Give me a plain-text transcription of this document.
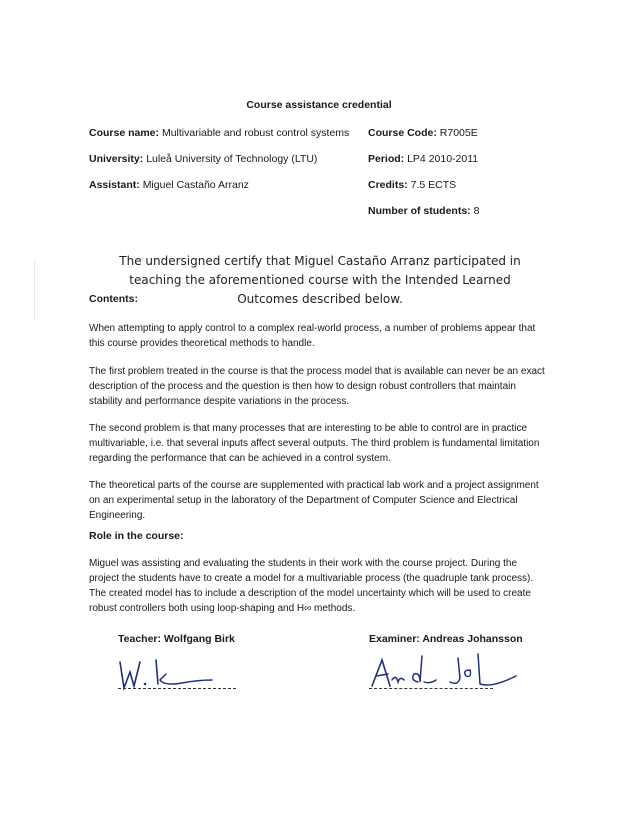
Course assistance credential
Course name: Multivariable and robust control systems Course Code: R7005E
University: Luleå University of Technology (LTU)	Period: LP4 2010-2011
Assistant: Miguel Castaño Arranz	Credits: 7.5 ECTS
Number of students: 8
The undersigned certify that Miguel Castaño Arranz participated in teaching the aforementioned course with the Intended Learned Outcomes described below.
Contents:

When attempting to apply control to a complex real-world process, a number of problems appear that this course provides theoretical methods to handle.

The first problem treated in the course is that the process model that is available can never be an exact description of the process and the question is then how to design robust controllers that maintain stability and performance despite variations in the process.

The second problem is that many processes that are interesting to be able to control are in practice multivariable, i.e. that several inputs affect several outputs. The third problem is fundamental limitation regarding the performance that can be achieved in a control system.

The theoretical parts of the course are supplemented with practical lab work and a project assignment on an experimental setup in the laboratory of the Department of Computer Science and Electrical Engineering.

Role in the course:

Miguel was assisting and evaluating the students in their work with the course project. During the project the students have to create a model for a multivariable process (the quadruple tank process). The created model has to include a description of the model uncertainty which will be used to create robust controllers both using loop-shaping and H∞ methods.

Teacher: Wolfgang Birk	Examiner: Andreas Johansson
